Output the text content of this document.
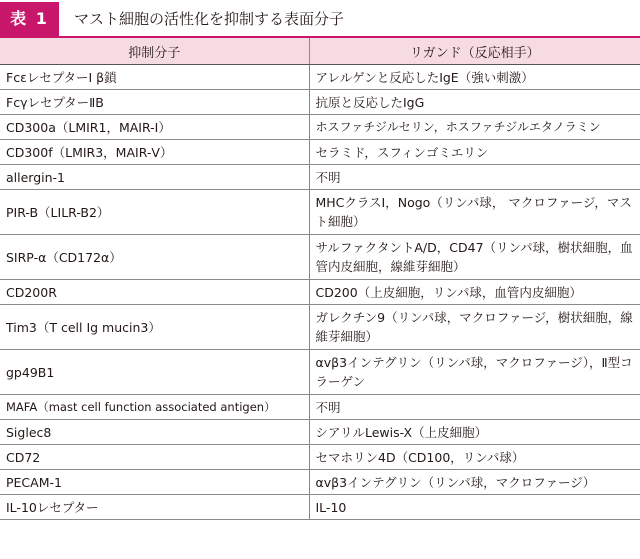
表 1	マスト細胞の活性化を抑制する表面分子
抑制分子	リガンド（反応相手）
FcεレセプターⅠ β鎖	アレルゲンと反応したIgE（強い刺激）
FcγレセプターⅡB	抗原と反応したIgG
CD300a（LMIR1，MAIR-Ⅰ）	ホスファチジルセリン，ホスファチジルエタノラミン
CD300f（LMIR3，MAIR-Ⅴ）	セラミド，スフィンゴミエリン
allergin-1	不明
PIR-B（LILR-B2）	MHCクラスⅠ，Nogo（リンパ球， マクロファージ，マスト細胞）
SIRP-α（CD172α）	サルファクタントA/D，CD47（リンパ球，樹状細胞，血管内皮細胞，線維芽細胞）
CD200R	CD200（上皮細胞，リンパ球，血管内皮細胞）
Tim3（T cell Ig mucin3）	ガレクチン9（リンパ球，マクロファージ，樹状細胞，線維芽細胞）
gp49B1	αvβ3インテグリン（リンパ球，マクロファージ），Ⅱ型コラーゲン
MAFA（mast cell function associated antigen）	不明
Siglec8	シアリルLewis-X（上皮細胞）
CD72	セマホリン4D（CD100，リンパ球）
PECAM-1	αvβ3インテグリン（リンパ球，マクロファージ）
IL-10レセプター	IL-10
